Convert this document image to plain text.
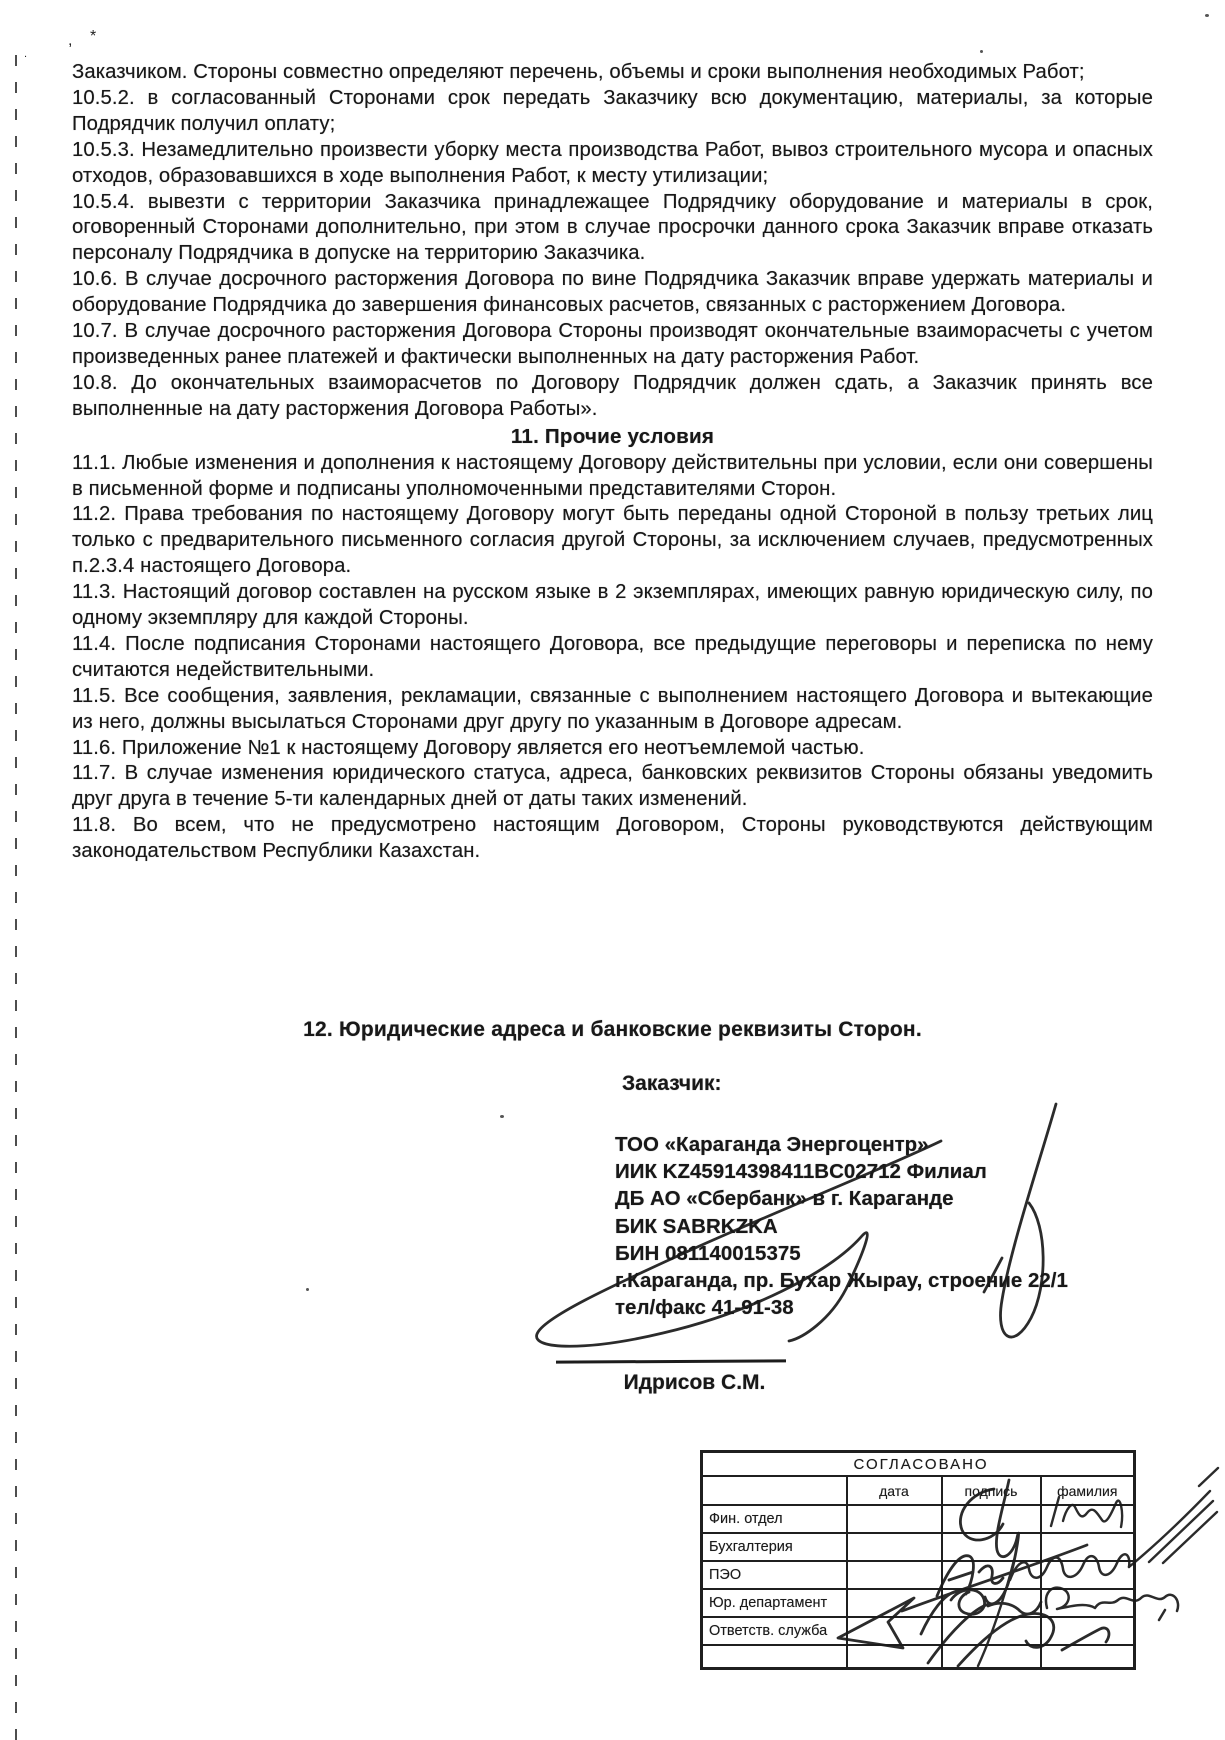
, *
.

Заказчиком. Стороны совместно определяют перечень, объемы и сроки выполнения необходимых Работ;

10.5.2. в согласованный Сторонами срок передать Заказчику всю документацию, материалы, за которые Подрядчик получил оплату;

10.5.3. Незамедлительно произвести уборку места производства Работ, вывоз строительного мусора и опасных отходов, образовавшихся в ходе выполнения Работ, к месту утилизации;

10.5.4. вывезти с территории Заказчика принадлежащее Подрядчику оборудование и материалы в срок, оговоренный Сторонами дополнительно, при этом в случае просрочки данного срока Заказчик вправе отказать персоналу Подрядчика в допуске на территорию Заказчика.

10.6. В случае досрочного расторжения Договора по вине Подрядчика Заказчик вправе удержать материалы и оборудование Подрядчика до завершения финансовых расчетов, связанных с расторжением Договора.

10.7. В случае досрочного расторжения Договора Стороны производят окончательные взаиморасчеты с учетом произведенных ранее платежей и фактически выполненных на дату расторжения Работ.

10.8. До окончательных взаиморасчетов по Договору Подрядчик должен сдать, а Заказчик принять все выполненные на дату расторжения Договора Работы».

11. Прочие условия

11.1. Любые изменения и дополнения к настоящему Договору действительны при условии, если они совершены в письменной форме и подписаны уполномоченными представителями Сторон.

11.2. Права требования по настоящему Договору могут быть переданы одной Стороной в пользу третьих лиц только с предварительного письменного согласия другой Стороны, за исключением случаев, предусмотренных п.2.3.4 настоящего Договора.

11.3. Настоящий договор составлен на русском языке в 2 экземплярах, имеющих равную юридическую силу, по одному экземпляру для каждой Стороны.

11.4. После подписания Сторонами настоящего Договора, все предыдущие переговоры и переписка по нему считаются недействительными.

11.5. Все сообщения, заявления, рекламации, связанные с выполнением настоящего Договора и вытекающие из него, должны высылаться Сторонами друг другу по указанным в Договоре адресам.

11.6. Приложение №1 к настоящему Договору является его неотъемлемой частью.

11.7. В случае изменения юридического статуса, адреса, банковских реквизитов Стороны обязаны уведомить друг друга в течение 5-ти календарных дней от даты таких изменений.

11.8. Во всем, что не предусмотрено настоящим Договором, Стороны руководствуются действующим законодательством Республики Казахстан.

12. Юридические адреса и банковские реквизиты Сторон.
Заказчик:
ТОО «Караганда Энергоцентр»
ИИК KZ45914398411BC02712 Филиал
ДБ АО «Сбербанк» в г. Караганде
БИК SABRKZKA
БИН 081140015375
г.Караганда, пр. Бухар Жырау, строение 22/1
тел/факс 41-91-38
Идрисов С.М.
СОГЛАСОВАНО			
	дата	подпись	фамилия
Фин. отдел			
Бухгалтерия			
ПЭО			
Юр. департамент			
Ответств. служба			
